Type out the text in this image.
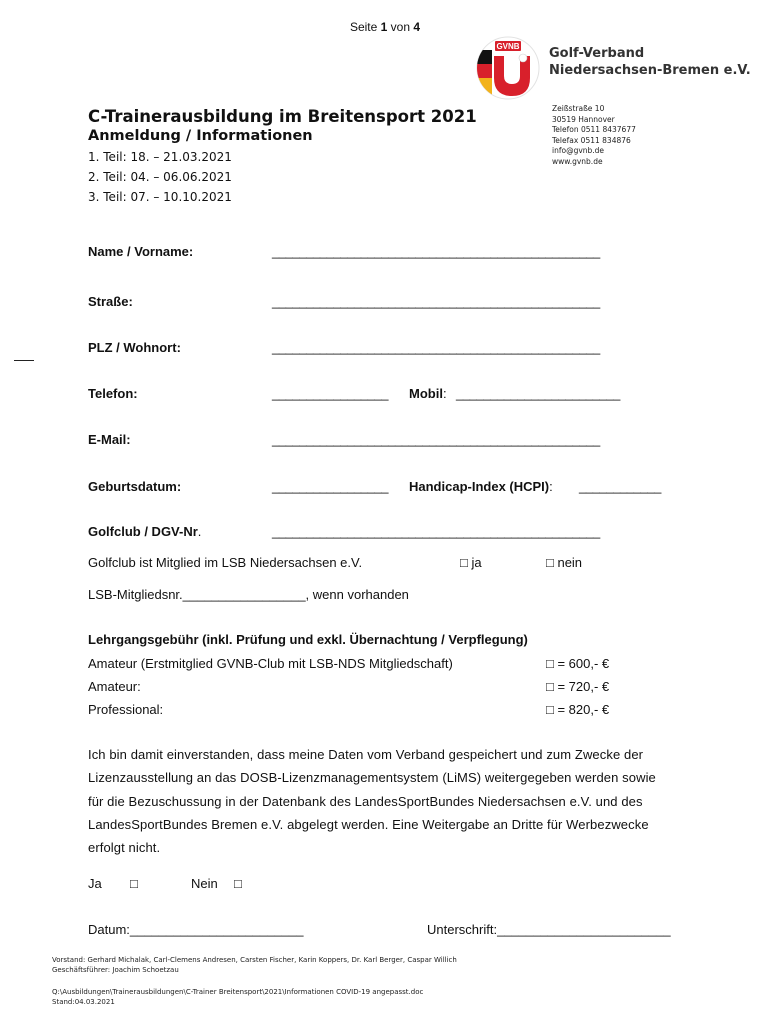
Seite 1 von 4
GVNB Golf-Verband
Niedersachsen-Bremen e.V.
Zeißstraße 10
30519 Hannover
Telefon 0511 8437677
Telefax 0511 834876
info@gvnb.de
www.gvnb.de
C-Trainerausbildung im Breitensport 2021
Anmeldung / Informationen
1. Teil: 18. – 21.03.2021
2. Teil: 04. – 06.06.2021
3. Teil: 07. – 10.10.2021
Name / Vorname:	________________________________________________
Straße:	________________________________________________
PLZ / Wohnort:	________________________________________________
Telefon:	_________________ Mobil: ________________________
E-Mail:	________________________________________________
Geburtsdatum:	_________________ Handicap-Index (HCPI): ____________
Golfclub / DGV-Nr.	________________________________________________
Golfclub ist Mitglied im LSB Niedersachsen e.V.	□ ja	□ nein
LSB-Mitgliedsnr._________________, wenn vorhanden
Lehrgangsgebühr (inkl. Prüfung und exkl. Übernachtung / Verpflegung)
Amateur (Erstmitglied GVNB-Club mit LSB-NDS Mitgliedschaft)	□ = 600,- €
Amateur:	□ = 720,- €
Professional:	□ = 820,- €
Ich bin damit einverstanden, dass meine Daten vom Verband gespeichert und zum Zwecke der
Lizenzausstellung an das DOSB-Lizenzmanagementsystem (LiMS) weitergegeben werden sowie
für die Bezuschussung in der Datenbank des LandesSportBundes Niedersachsen e.V. und des
LandesSportBundes Bremen e.V. abgelegt werden. Eine Weitergabe an Dritte für Werbezwecke
erfolgt nicht.
Ja □	Nein □
Datum:________________________	Unterschrift:________________________
Vorstand: Gerhard Michalak, Carl-Clemens Andresen, Carsten Fischer, Karin Koppers, Dr. Karl Berger, Caspar Willich
Geschäftsführer: Joachim Schoetzau
Q:\Ausbildungen\Trainerausbildungen\C-Trainer Breitensport\2021\Informationen COVID-19 angepasst.doc
Stand:04.03.2021
